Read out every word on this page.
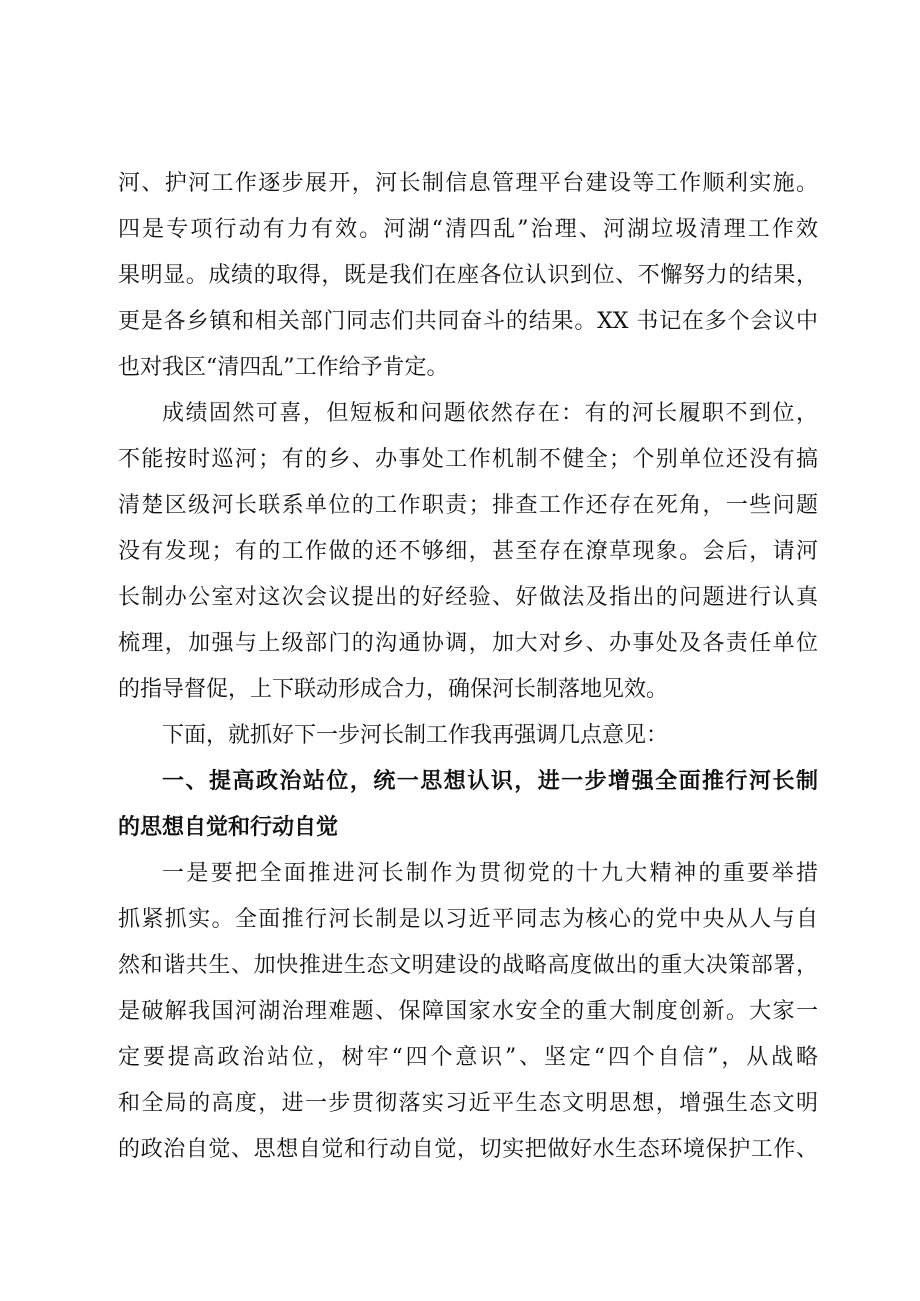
河、护河工作逐步展开，河长制信息管理平台建设等工作顺利实施。
四是专项行动有力有效。河湖“清四乱”治理、河湖垃圾清理工作效
果明显。成绩的取得，既是我们在座各位认识到位、不懈努力的结果，
更是各乡镇和相关部门同志们共同奋斗的结果。XX 书记在多个会议中
也对我区“清四乱”工作给予肯定。
成绩固然可喜，但短板和问题依然存在：有的河长履职不到位，
不能按时巡河；有的乡、办事处工作机制不健全；个别单位还没有搞
清楚区级河长联系单位的工作职责；排查工作还存在死角，一些问题
没有发现；有的工作做的还不够细，甚至存在潦草现象。会后，请河
长制办公室对这次会议提出的好经验、好做法及指出的问题进行认真
梳理，加强与上级部门的沟通协调，加大对乡、办事处及各责任单位
的指导督促，上下联动形成合力，确保河长制落地见效。
下面，就抓好下一步河长制工作我再强调几点意见：
一、提高政治站位，统一思想认识，进一步增强全面推行河长制
的思想自觉和行动自觉
一是要把全面推进河长制作为贯彻党的十九大精神的重要举措
抓紧抓实。全面推行河长制是以习近平同志为核心的党中央从人与自
然和谐共生、加快推进生态文明建设的战略高度做出的重大决策部署，
是破解我国河湖治理难题、保障国家水安全的重大制度创新。大家一
定要提高政治站位，树牢“四个意识”、坚定“四个自信”，从战略
和全局的高度，进一步贯彻落实习近平生态文明思想，增强生态文明
的政治自觉、思想自觉和行动自觉，切实把做好水生态环境保护工作、
